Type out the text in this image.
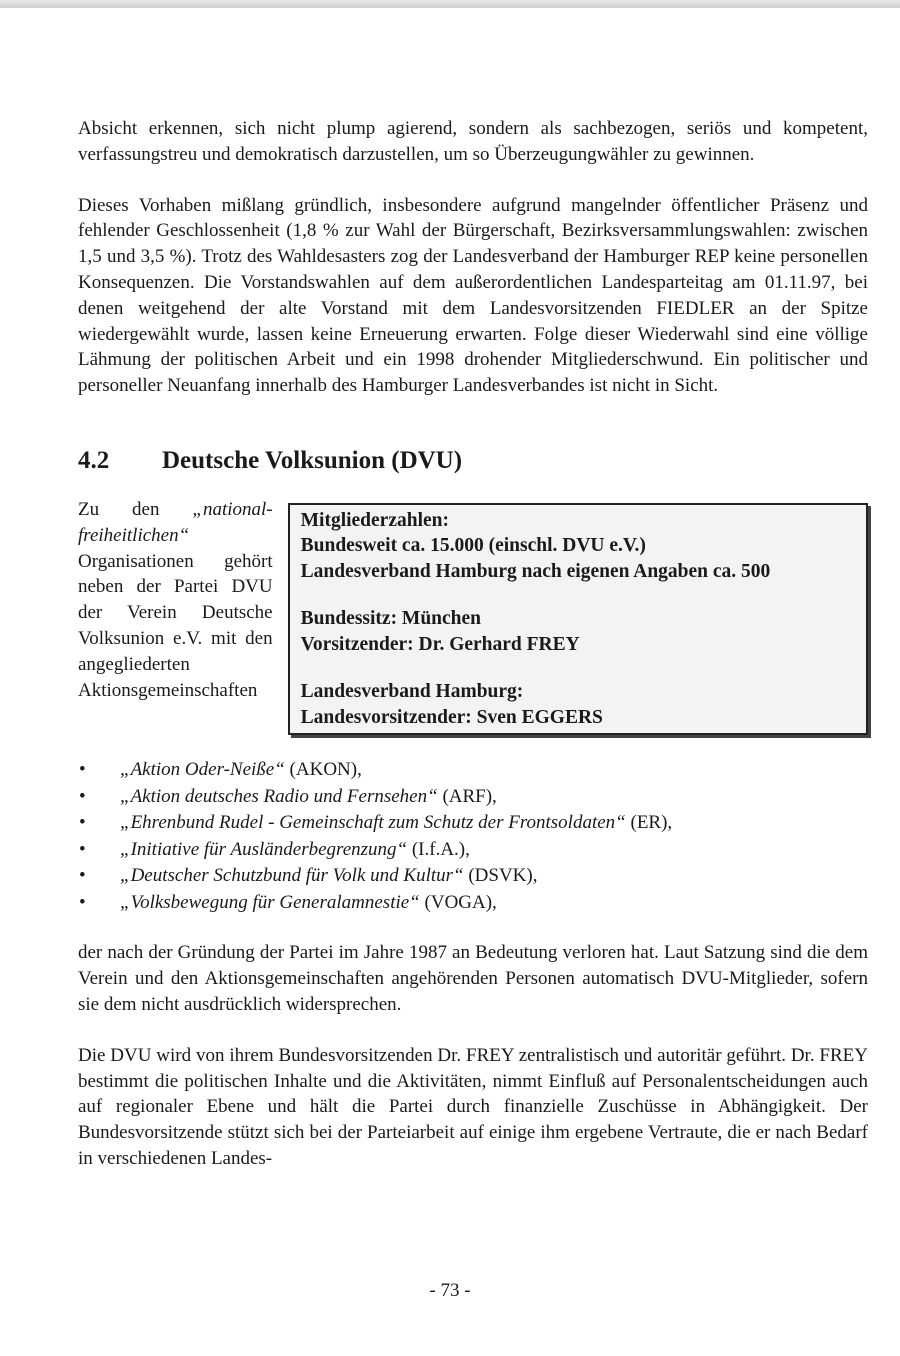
Absicht erkennen, sich nicht plump agierend, sondern als sachbezogen, seriös und kompetent, verfassungstreu und demokratisch darzustellen, um so Überzeugungwähler zu gewinnen.

Dieses Vorhaben mißlang gründlich, insbesondere aufgrund mangelnder öffentlicher Präsenz und fehlender Geschlossenheit (1,8 % zur Wahl der Bürgerschaft, Bezirksversammlungswahlen: zwischen 1,5 und 3,5 %). Trotz des Wahldesasters zog der Landesverband der Hamburger REP keine personellen Konsequenzen. Die Vorstandswahlen auf dem außerordentlichen Landesparteitag am 01.11.97, bei denen weitgehend der alte Vorstand mit dem Landesvorsitzenden FIEDLER an der Spitze wiedergewählt wurde, lassen keine Erneuerung erwarten. Folge dieser Wiederwahl sind eine völlige Lähmung der politischen Arbeit und ein 1998 drohender Mitgliederschwund. Ein politischer und personeller Neuanfang innerhalb des Hamburger Landesverbandes ist nicht in Sicht.

4.2	Deutsche Volksunion (DVU)
Zu den „national-freiheitlichen“ Organisationen gehört neben der Partei DVU der Verein Deutsche Volksunion e.V. mit den angegliederten Aktionsgemeinschaften
Mitgliederzahlen:
Bundesweit ca. 15.000 (einschl. DVU e.V.)
Landesverband Hamburg nach eigenen Angaben ca. 500
Bundessitz: München
Vorsitzender: Dr. Gerhard FREY
Landesverband Hamburg:
Landesvorsitzender: Sven EGGERS
• „Aktion Oder-Neiße“ (AKON),
• „Aktion deutsches Radio und Fernsehen“ (ARF),
• „Ehrenbund Rudel - Gemeinschaft zum Schutz der Frontsoldaten“ (ER),
• „Initiative für Ausländerbegrenzung“ (I.f.A.),
• „Deutscher Schutzbund für Volk und Kultur“ (DSVK),
• „Volksbewegung für Generalamnestie“ (VOGA),

der nach der Gründung der Partei im Jahre 1987 an Bedeutung verloren hat. Laut Satzung sind die dem Verein und den Aktionsgemeinschaften angehörenden Personen automatisch DVU-Mitglieder, sofern sie dem nicht ausdrücklich widersprechen.

Die DVU wird von ihrem Bundesvorsitzenden Dr. FREY zentralistisch und autoritär geführt. Dr. FREY bestimmt die politischen Inhalte und die Aktivitäten, nimmt Einfluß auf Personalentscheidungen auch auf regionaler Ebene und hält die Partei durch finanzielle Zuschüsse in Abhängigkeit. Der Bundesvorsitzende stützt sich bei der Parteiarbeit auf einige ihm ergebene Vertraute, die er nach Bedarf in verschiedenen Landes-

- 73 -
